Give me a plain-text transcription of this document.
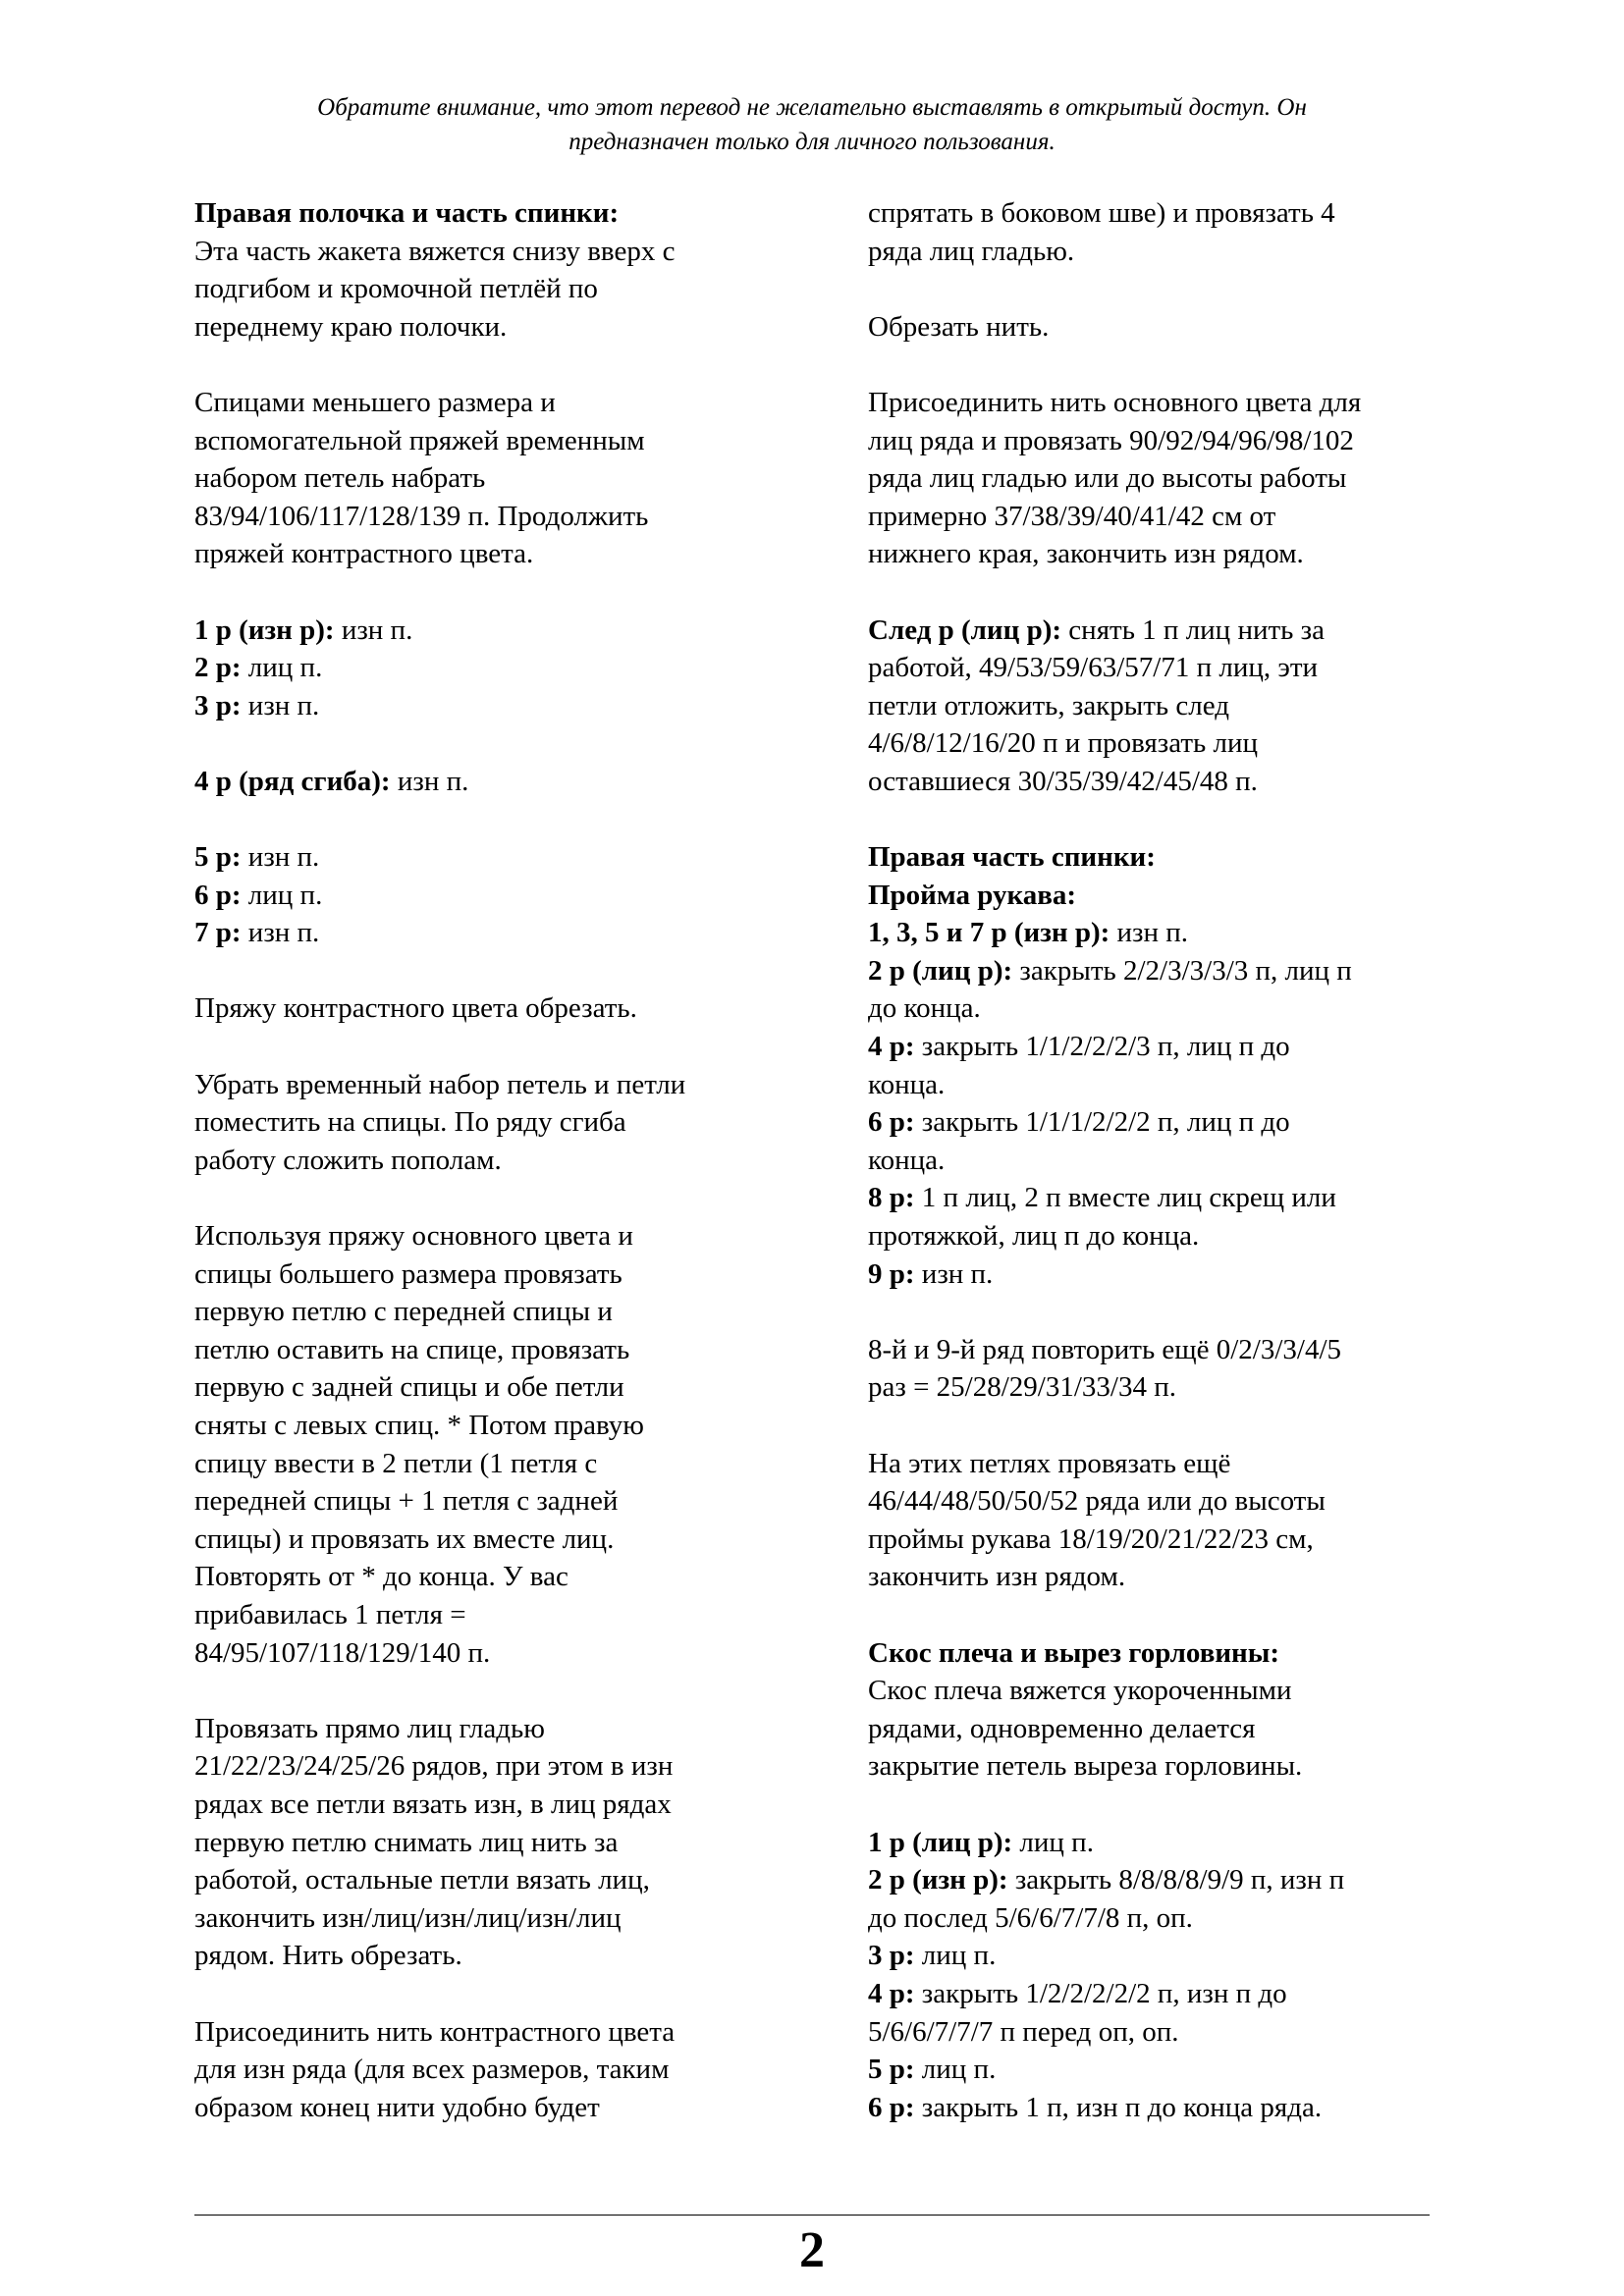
Обратите внимание, что этот перевод не желательно выставлять в открытый доступ. Он
предназначен только для личного пользования.
Правая полочка и часть спинки:
Эта часть жакета вяжется снизу вверх с
подгибом и кромочной петлёй по
переднему краю полочки.
Спицами меньшего размера и
вспомогательной пряжей временным
набором петель набрать
83/94/106/117/128/139 п. Продолжить
пряжей контрастного цвета.
1 р (изн р): изн п.
2 р: лиц п.
3 р: изн п.
4 р (ряд сгиба): изн п.
5 р: изн п.
6 р: лиц п.
7 р: изн п.
Пряжу контрастного цвета обрезать.
Убрать временный набор петель и петли
поместить на спицы. По ряду сгиба
работу сложить пополам.
Используя пряжу основного цвета и
спицы большего размера провязать
первую петлю с передней спицы и
петлю оставить на спице, провязать
первую с задней спицы и обе петли
сняты с левых спиц. * Потом правую
спицу ввести в 2 петли (1 петля с
передней спицы + 1 петля с задней
спицы) и провязать их вместе лиц.
Повторять от * до конца. У вас
прибавилась 1 петля =
84/95/107/118/129/140 п.
Провязать прямо лиц гладью
21/22/23/24/25/26 рядов, при этом в изн
рядах все петли вязать изн, в лиц рядах
первую петлю снимать лиц нить за
работой, остальные петли вязать лиц,
закончить изн/лиц/изн/лиц/изн/лиц
рядом. Нить обрезать.
Присоединить нить контрастного цвета
для изн ряда (для всех размеров, таким
образом конец нити удобно будет
спрятать в боковом шве) и провязать 4
ряда лиц гладью.
Обрезать нить.
Присоединить нить основного цвета для
лиц ряда и провязать 90/92/94/96/98/102
ряда лиц гладью или до высоты работы
примерно 37/38/39/40/41/42 см от
нижнего края, закончить изн рядом.
След р (лиц р): снять 1 п лиц нить за
работой, 49/53/59/63/57/71 п лиц, эти
петли отложить, закрыть след
4/6/8/12/16/20 п и провязать лиц
оставшиеся 30/35/39/42/45/48 п.
Правая часть спинки:
Пройма рукава:
1, 3, 5 и 7 р (изн р): изн п.
2 р (лиц р): закрыть 2/2/3/3/3/3 п, лиц п
до конца.
4 р: закрыть 1/1/2/2/2/3 п, лиц п до
конца.
6 р: закрыть 1/1/1/2/2/2 п, лиц п до
конца.
8 р: 1 п лиц, 2 п вместе лиц скрещ или
протяжкой, лиц п до конца.
9 р: изн п.
8-й и 9-й ряд повторить ещё 0/2/3/3/4/5
раз = 25/28/29/31/33/34 п.
На этих петлях провязать ещё
46/44/48/50/50/52 ряда или до высоты
проймы рукава 18/19/20/21/22/23 см,
закончить изн рядом.
Скос плеча и вырез горловины:
Скос плеча вяжется укороченными
рядами, одновременно делается
закрытие петель выреза горловины.
1 р (лиц р): лиц п.
2 р (изн р): закрыть 8/8/8/8/9/9 п, изн п
до послед 5/6/6/7/7/8 п, оп.
3 р: лиц п.
4 р: закрыть 1/2/2/2/2/2 п, изн п до
5/6/6/7/7/7 п перед оп, оп.
5 р: лиц п.
6 р: закрыть 1 п, изн п до конца ряда.
2
